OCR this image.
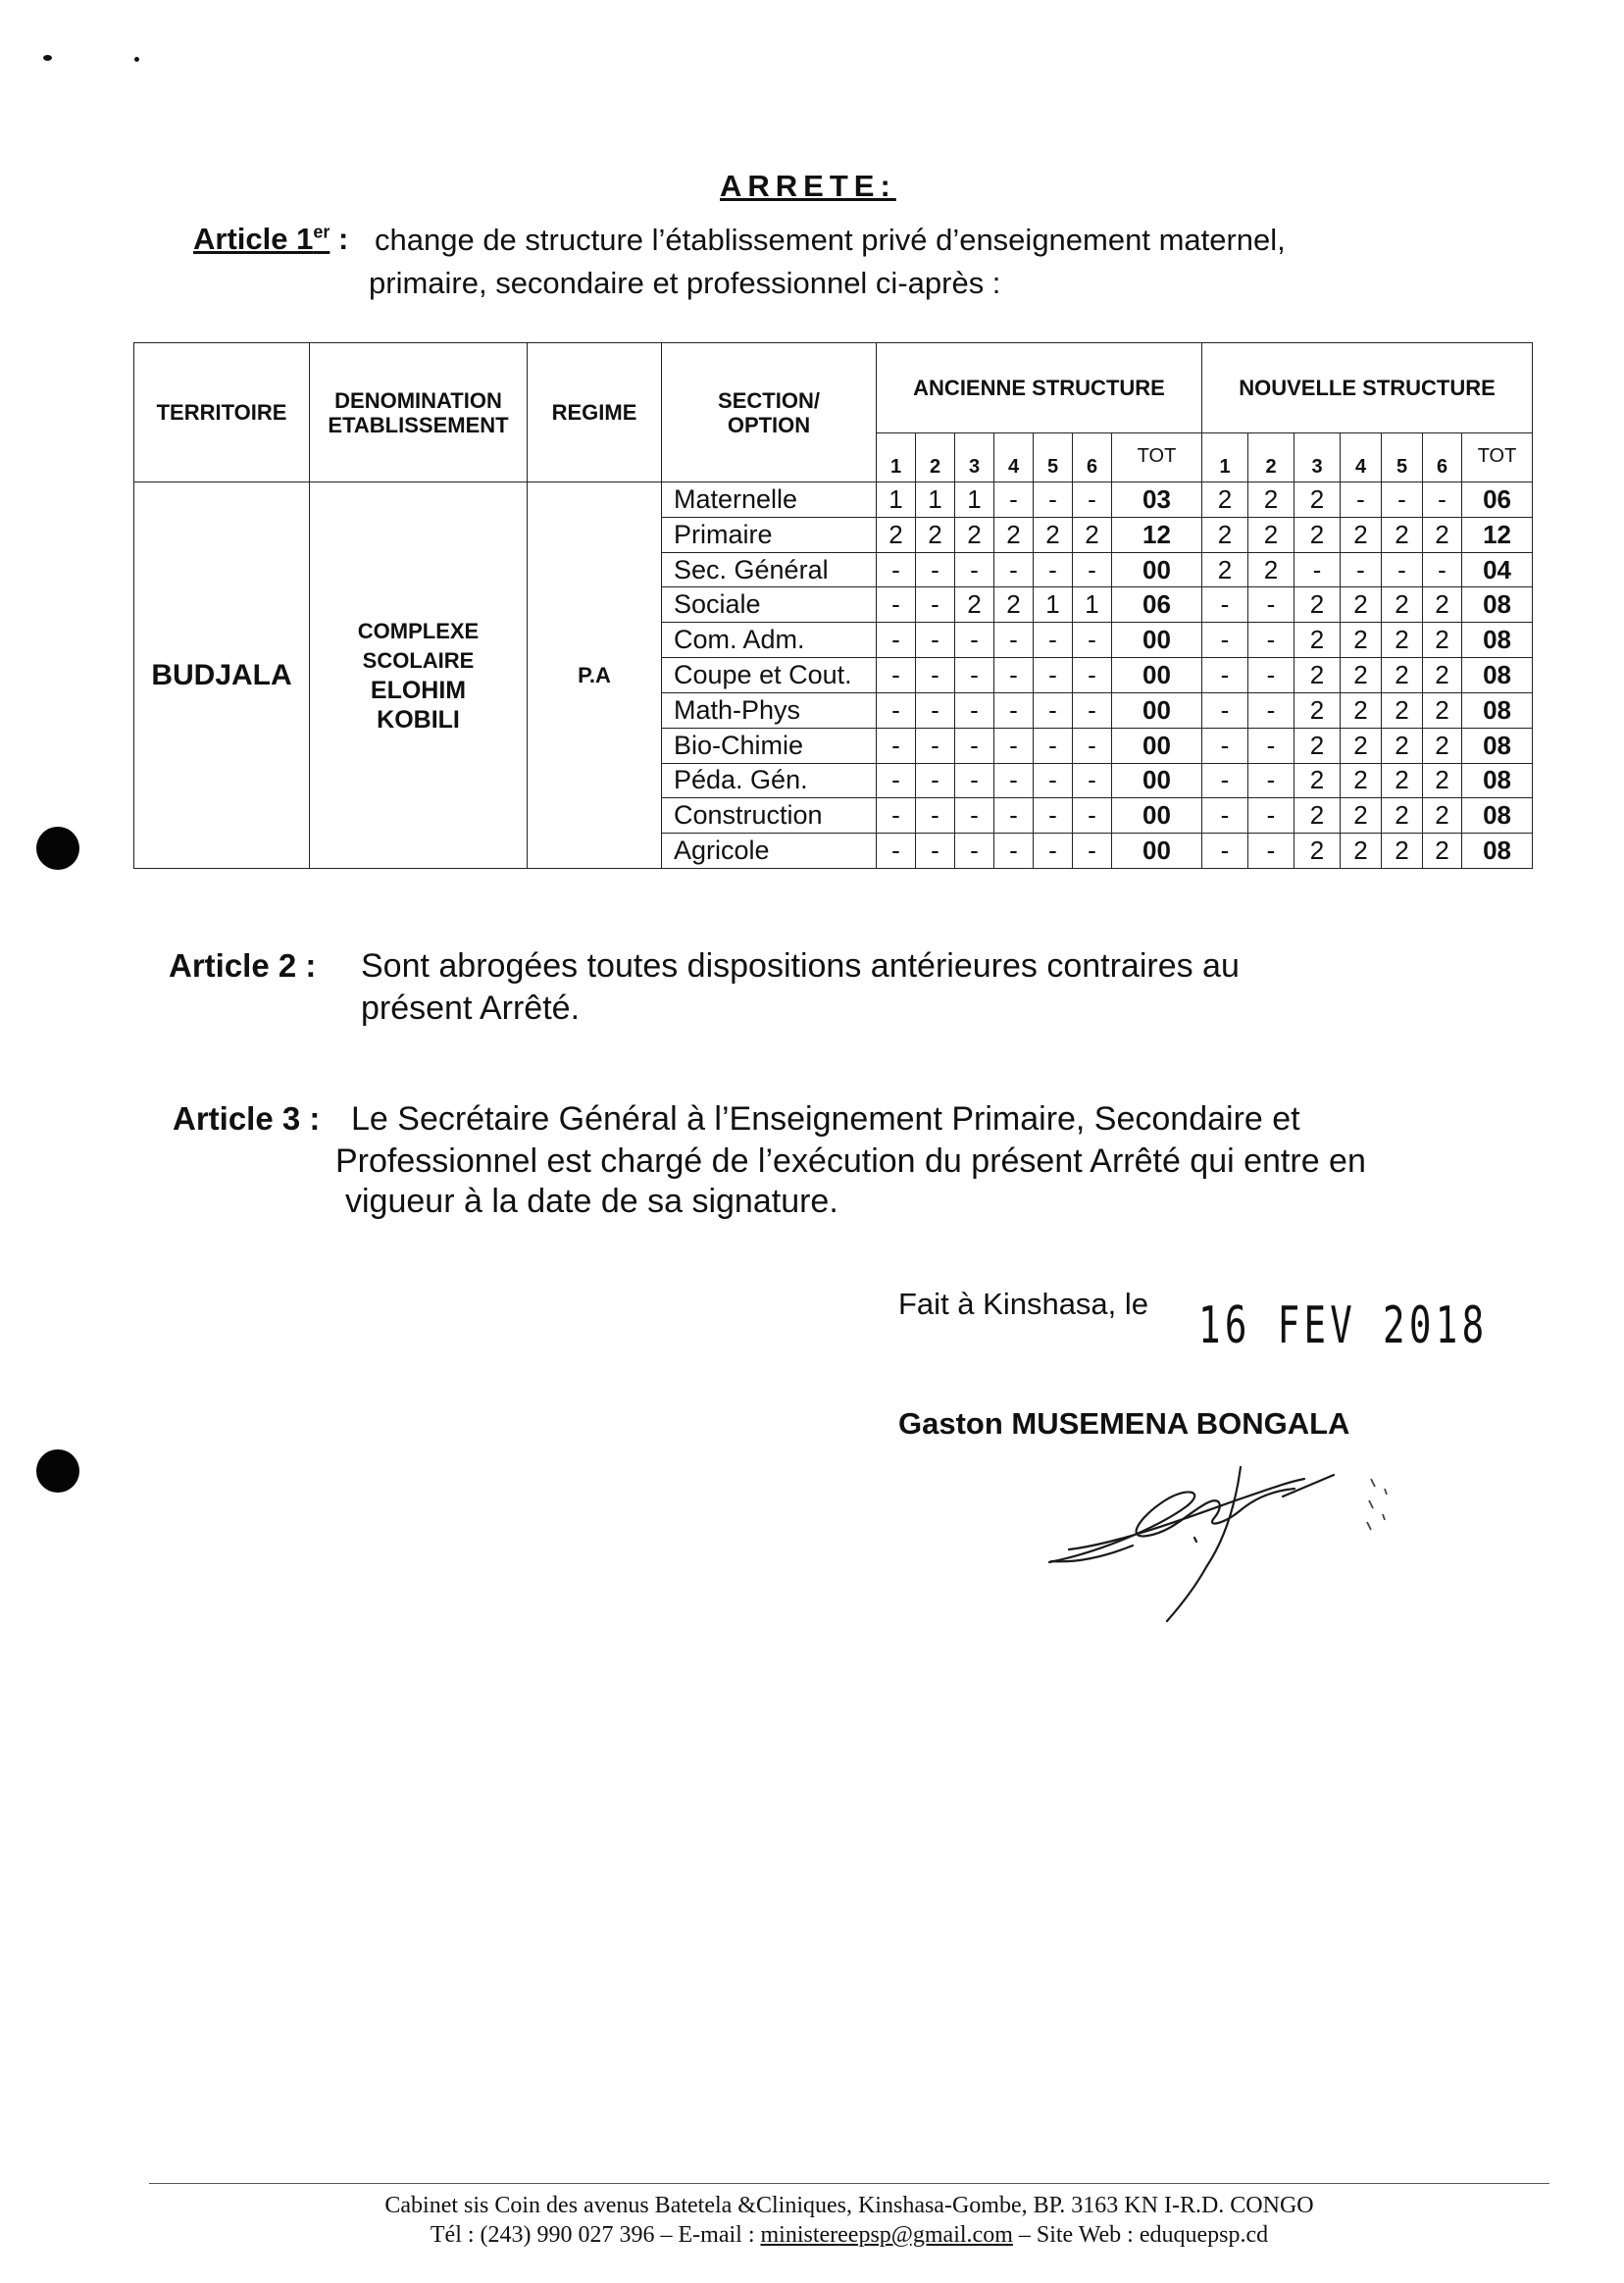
ARRETE:
Article 1er : change de structure l’établissement privé d’enseignement maternel,
primaire, secondaire et professionnel ci-après :
TERRITOIRE	DENOMINATION
ETABLISSEMENT	REGIME	SECTION/
OPTION	ANCIENNE STRUCTURE							NOUVELLE STRUCTURE						
				1	2	3	4	5	6	TOT	1	2	3	4	5	6	TOT
BUDJALA	COMPLEXE
SCOLAIRE
ELOHIM
KOBILI	P.A	Maternelle	1	1	1	-	-	-	03	2	2	2	-	-	-	06
			Primaire	2	2	2	2	2	2	12	2	2	2	2	2	2	12
			Sec. Général	-	-	-	-	-	-	00	2	2	-	-	-	-	04
			Sociale	-	-	2	2	1	1	06	-	-	2	2	2	2	08
			Com. Adm.	-	-	-	-	-	-	00	-	-	2	2	2	2	08
			Coupe et Cout.	-	-	-	-	-	-	00	-	-	2	2	2	2	08
			Math-Phys	-	-	-	-	-	-	00	-	-	2	2	2	2	08
			Bio-Chimie	-	-	-	-	-	-	00	-	-	2	2	2	2	08
			Péda. Gén.	-	-	-	-	-	-	00	-	-	2	2	2	2	08
			Construction	-	-	-	-	-	-	00	-	-	2	2	2	2	08
			Agricole	-	-	-	-	-	-	00	-	-	2	2	2	2	08
Article 2 : Sont abrogées toutes dispositions antérieures contraires au
présent Arrêté.
Article 3 : Le Secrétaire Général à l’Enseignement Primaire, Secondaire et
Professionnel est chargé de l’exécution du présent Arrêté qui entre en
vigueur à la date de sa signature.
Fait à Kinshasa, le 16 FEV 2018
Gaston MUSEMENA BONGALA
Cabinet sis Coin des avenus Batetela &Cliniques, Kinshasa-Gombe, BP. 3163 KN I-R.D. CONGO
Tél : (243) 990 027 396 – E-mail : ministereepsp@gmail.com – Site Web : eduquepsp.cd
